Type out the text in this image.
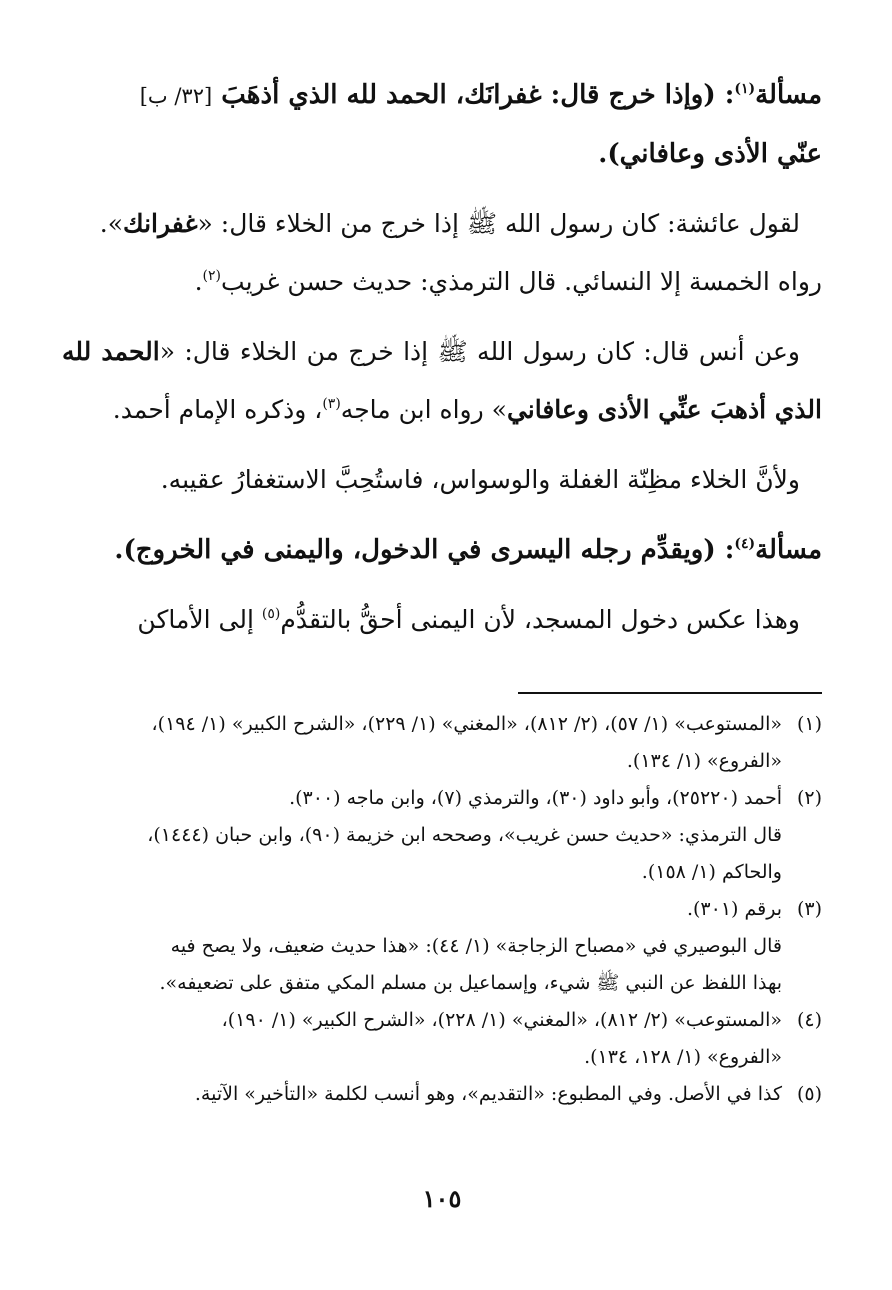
مسألة$^{(١)}$: (وإذا خرج قال: غفرانَك، الحمد لله الذي أذهَبَ [٣٢/ ب]
عنّي الأذى وعافاني).

لقول عائشة: كان رسول الله ﷺ إذا خرج من الخلاء قال: «غفرانك».
رواه الخمسة إلا النسائي. قال الترمذي: حديث حسن غريب$^{(٢)}$.

وعن أنس قال: كان رسول الله ﷺ إذا خرج من الخلاء قال: «الحمد لله الذي أذهبَ عنِّي الأذى وعافاني» رواه ابن ماجه$^{(٣)}$، وذكره الإمام أحمد.

ولأنَّ الخلاء مظِنّة الغفلة والوسواس، فاستُحِبَّ الاستغفارُ عقيبه.

مسألة$^{(٤)}$: (ويقدِّم رجله اليسرى في الدخول، واليمنى في الخروج).

وهذا عكس دخول المسجد، لأن اليمنى أحقُّ بالتقدُّم$^{(٥)}$ إلى الأماكن

(١)
«المستوعب» (١/ ٥٧)، (٢/ ٨١٢)، «المغني» (١/ ٢٢٩)، «الشرح الكبير» (١/ ١٩٤)،
«الفروع» (١/ ١٣٤).
(٢)
أحمد (٢٥٢٢٠)، وأبو داود (٣٠)، والترمذي (٧)، وابن ماجه (٣٠٠).

قال الترمذي: «حديث حسن غريب»، وصححه ابن خزيمة (٩٠)، وابن حبان (١٤٤٤)،

والحاكم (١/ ١٥٨).

(٣)
برقم (٣٠١).

قال البوصيري في «مصباح الزجاجة» (١/ ٤٤): «هذا حديث ضعيف، ولا يصح فيه

بهذا اللفظ عن النبي ﷺ شيء، وإسماعيل بن مسلم المكي متفق على تضعيفه».

(٤)
«المستوعب» (٢/ ٨١٢)، «المغني» (١/ ٢٢٨)، «الشرح الكبير» (١/ ١٩٠)،
«الفروع» (١/ ١٢٨، ١٣٤).
(٥)
كذا في الأصل. وفي المطبوع: «التقديم»، وهو أنسب لكلمة «التأخير» الآتية.
١٠٥
